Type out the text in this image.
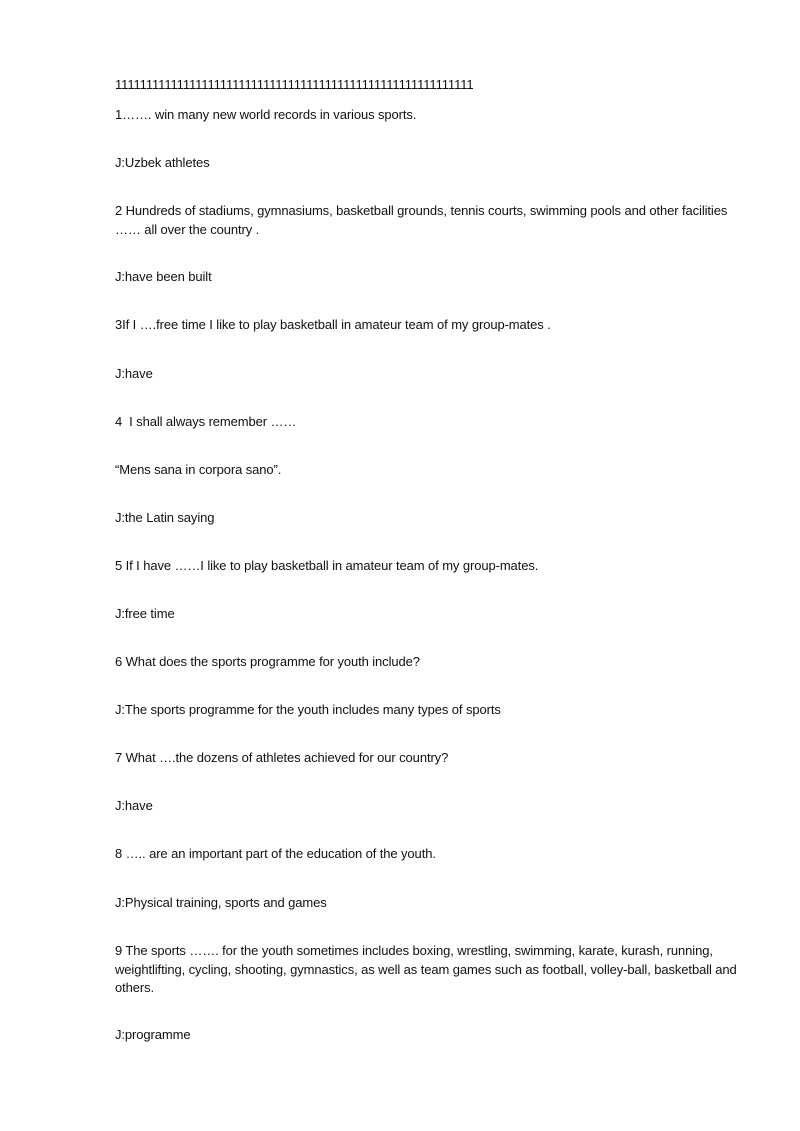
1111111111111111111111111111111111111111111111111111111111
1……. win many new world records in various sports.
J:Uzbek athletes
2 Hundreds of stadiums, gymnasiums, basketball grounds, tennis courts, swimming pools and other facilities …… all over the country .
J:have been built
3If I ….free time I like to play basketball in amateur team of my group-mates .
J:have
4  I shall always remember ……
“Mens sana in corpora sano”.
J:the Latin saying
5 If I have ……I like to play basketball in amateur team of my group-mates.
J:free time
6 What does the sports programme for youth include?
J:The sports programme for the youth includes many types of sports
7 What ….the dozens of athletes achieved for our country?
J:have
8 ….. are an important part of the education of the youth.
J:Physical training, sports and games
9 The sports ……. for the youth sometimes includes boxing, wrestling, swimming, karate, kurash, running, weightlifting, cycling, shooting, gymnastics, as well as team games such as football, volley-ball, basketball and others.
J:programme
